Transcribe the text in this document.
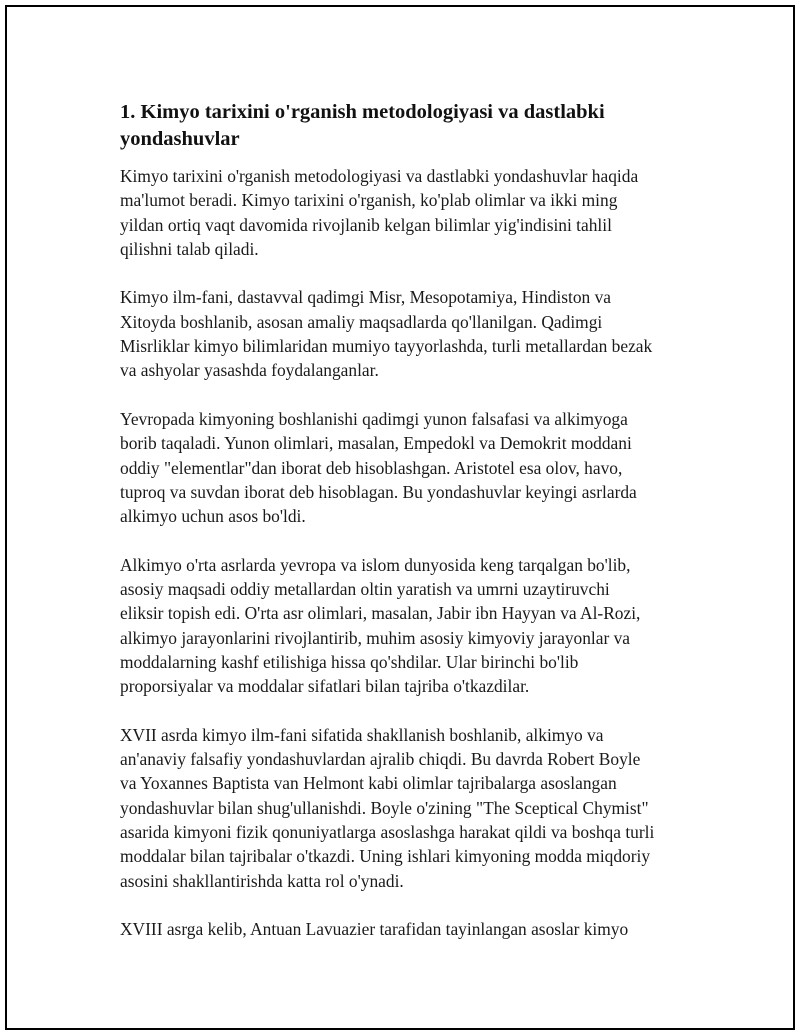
1. Kimyo tarixini o'rganish metodologiyasi va dastlabki
yondashuvlar

Kimyo tarixini o'rganish metodologiyasi va dastlabki yondashuvlar haqida
ma'lumot beradi. Kimyo tarixini o'rganish, ko'plab olimlar va ikki ming
yildan ortiq vaqt davomida rivojlanib kelgan bilimlar yig'indisini tahlil
qilishni talab qiladi.

Kimyo ilm-fani, dastavval qadimgi Misr, Mesopotamiya, Hindiston va
Xitoyda boshlanib, asosan amaliy maqsadlarda qo'llanilgan. Qadimgi
Misrliklar kimyo bilimlaridan mumiyo tayyorlashda, turli metallardan bezak
va ashyolar yasashda foydalanganlar.

Yevropada kimyoning boshlanishi qadimgi yunon falsafasi va alkimyoga
borib taqaladi. Yunon olimlari, masalan, Empedokl va Demokrit moddani
oddiy "elementlar"dan iborat deb hisoblashgan. Aristotel esa olov, havo,
tuproq va suvdan iborat deb hisoblagan. Bu yondashuvlar keyingi asrlarda
alkimyo uchun asos bo'ldi.

Alkimyo o'rta asrlarda yevropa va islom dunyosida keng tarqalgan bo'lib,
asosiy maqsadi oddiy metallardan oltin yaratish va umrni uzaytiruvchi
eliksir topish edi. O'rta asr olimlari, masalan, Jabir ibn Hayyan va Al-Rozi,
alkimyo jarayonlarini rivojlantirib, muhim asosiy kimyoviy jarayonlar va
moddalarning kashf etilishiga hissa qo'shdilar. Ular birinchi bo'lib
proporsiyalar va moddalar sifatlari bilan tajriba o'tkazdilar.

XVII asrda kimyo ilm-fani sifatida shakllanish boshlanib, alkimyo va
an'anaviy falsafiy yondashuvlardan ajralib chiqdi. Bu davrda Robert Boyle
va Yoxannes Baptista van Helmont kabi olimlar tajribalarga asoslangan
yondashuvlar bilan shug'ullanishdi. Boyle o'zining "The Sceptical Chymist"
asarida kimyoni fizik qonuniyatlarga asoslashga harakat qildi va boshqa turli
moddalar bilan tajribalar o'tkazdi. Uning ishlari kimyoning modda miqdoriy
asosini shakllantirishda katta rol o'ynadi.

XVIII asrga kelib, Antuan Lavuazier tarafidan tayinlangan asoslar kimyo
